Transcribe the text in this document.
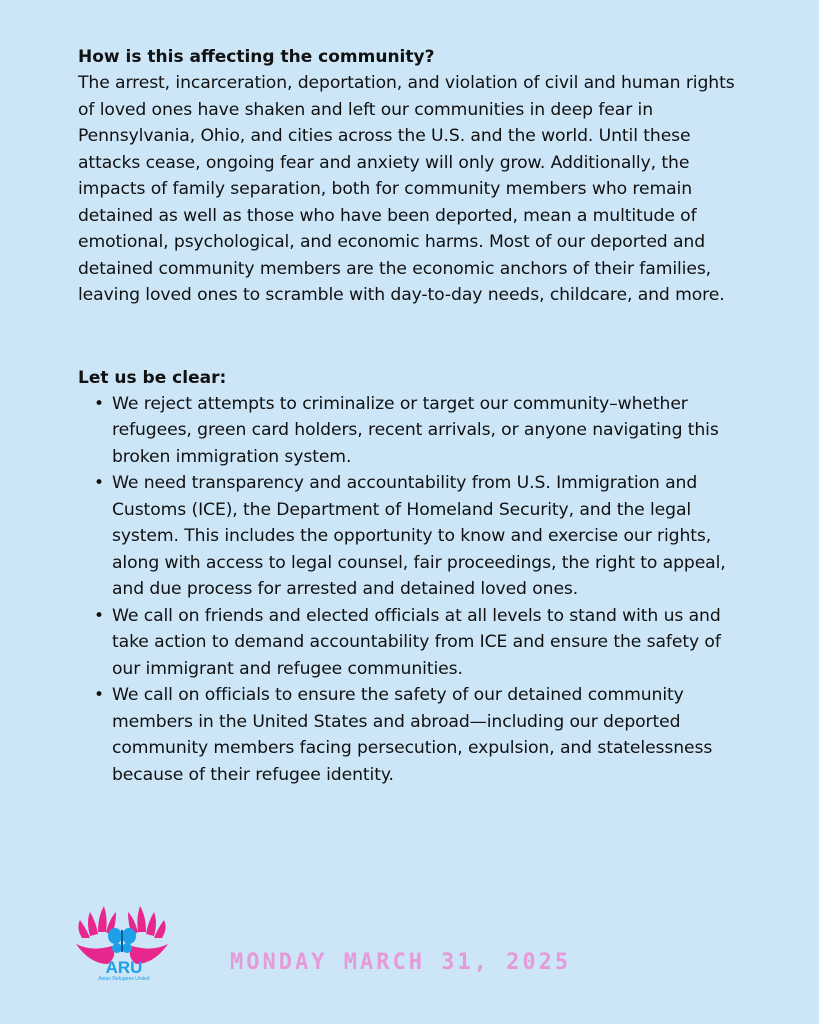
How is this affecting the community?

The arrest, incarceration, deportation, and violation of civil and human rights of loved ones have shaken and left our communities in deep fear in Pennsylvania, Ohio, and cities across the U.S. and the world. Until these attacks cease, ongoing fear and anxiety will only grow. Additionally, the impacts of family separation, both for community members who remain detained as well as those who have been deported, mean a multitude of emotional, psychological, and economic harms. Most of our deported and detained community members are the economic anchors of their families, leaving loved ones to scramble with day-to-day needs, childcare, and more.

Let us be clear:

• We reject attempts to criminalize or target our community–whether refugees, green card holders, recent arrivals, or anyone navigating this broken immigration system.
• We need transparency and accountability from U.S. Immigration and Customs (ICE), the Department of Homeland Security, and the legal system. This includes the opportunity to know and exercise our rights, along with access to legal counsel, fair proceedings, the right to appeal, and due process for arrested and detained loved ones.
• We call on friends and elected officials at all levels to stand with us and take action to demand accountability from ICE and ensure the safety of our immigrant and refugee communities.
• We call on officials to ensure the safety of our detained community members in the United States and abroad—including our deported community members facing persecution, expulsion, and statelessness because of their refugee identity.
ARU
Asian Refugees United
MONDAY MARCH 31, 2025
